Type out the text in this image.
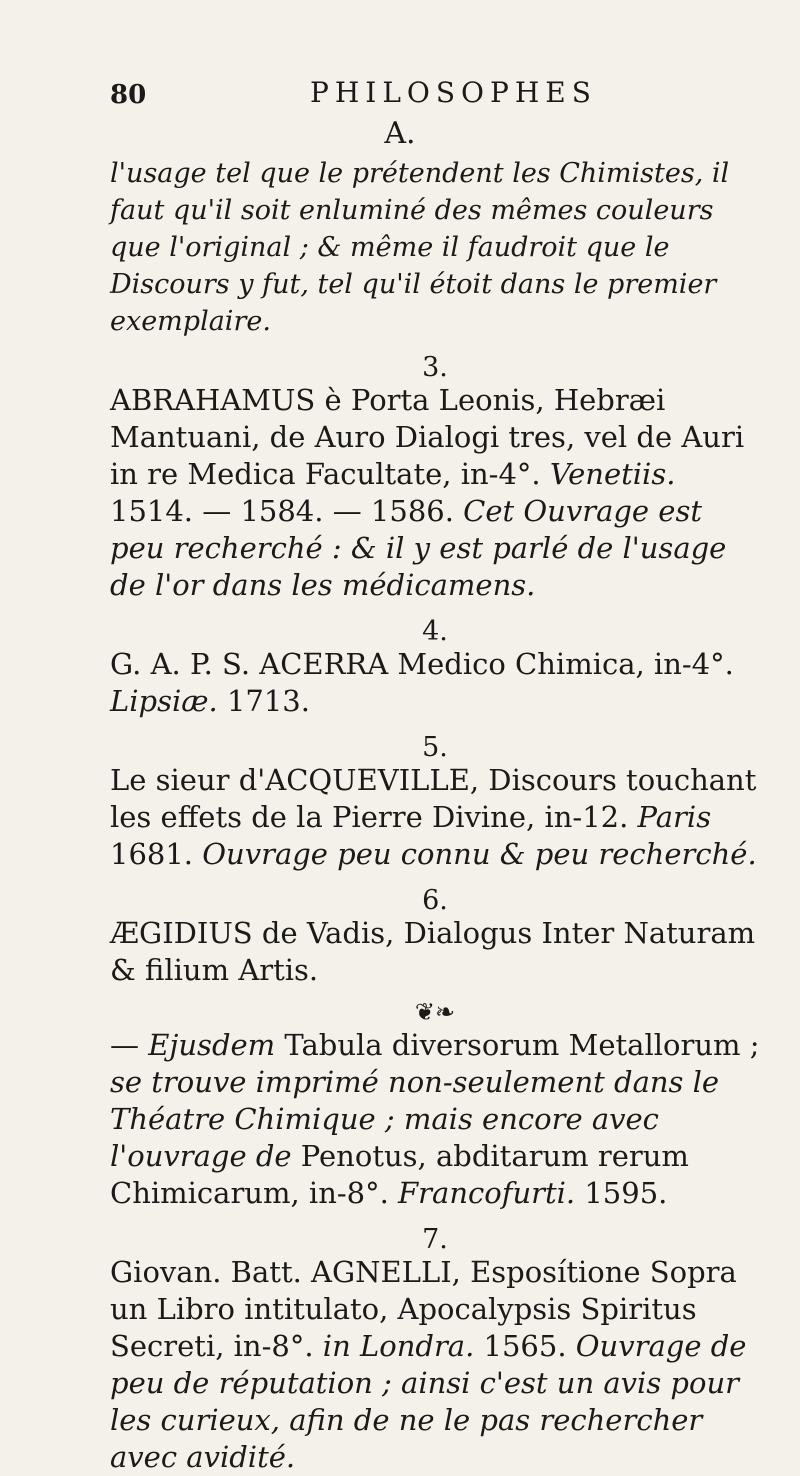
80	PHILOSOPHES
A.

l'usage tel que le prétendent les Chimistes, il faut qu'il soit enluminé des mêmes couleurs que l'original ; & même il faudroit que le Discours y fut, tel qu'il étoit dans le premier exemplaire.

3.

ABRAHAMUS è Porta Leonis, Hebræi Mantuani, de Auro Dialogi tres, vel de Auri in re Medica Facultate, in-4°. Venetiis.
1514. — 1584. — 1586. Cet Ouvrage est peu recherché : & il y est parlé de l'usage de l'or dans les médicamens.

4.

G. A. P. S. ACERRA Medico Chimica, in-4°. Lipsiæ. 1713.

5.

Le sieur d'ACQUEVILLE, Discours touchant les effets de la Pierre Divine, in-12. Paris 1681. Ouvrage peu connu & peu recherché.

6.

ÆGIDIUS de Vadis, Dialogus Inter Naturam & filium Artis.

❦❧

— Ejusdem Tabula diversorum Metallorum ; se trouve imprimé non-seulement dans le Théatre Chimique ; mais encore avec l'ouvrage de Penotus, abditarum rerum Chimicarum, in-8°. Francofurti. 1595.

7.

Giovan. Batt. AGNELLI, Esposítione Sopra un Libro intitulato, Apocalypsis Spiritus Secreti, in-8°. in Londra. 1565. Ouvrage de peu de réputation ; ainsi c'est un avis pour les curieux, afin de ne le pas rechercher avec avidité.
